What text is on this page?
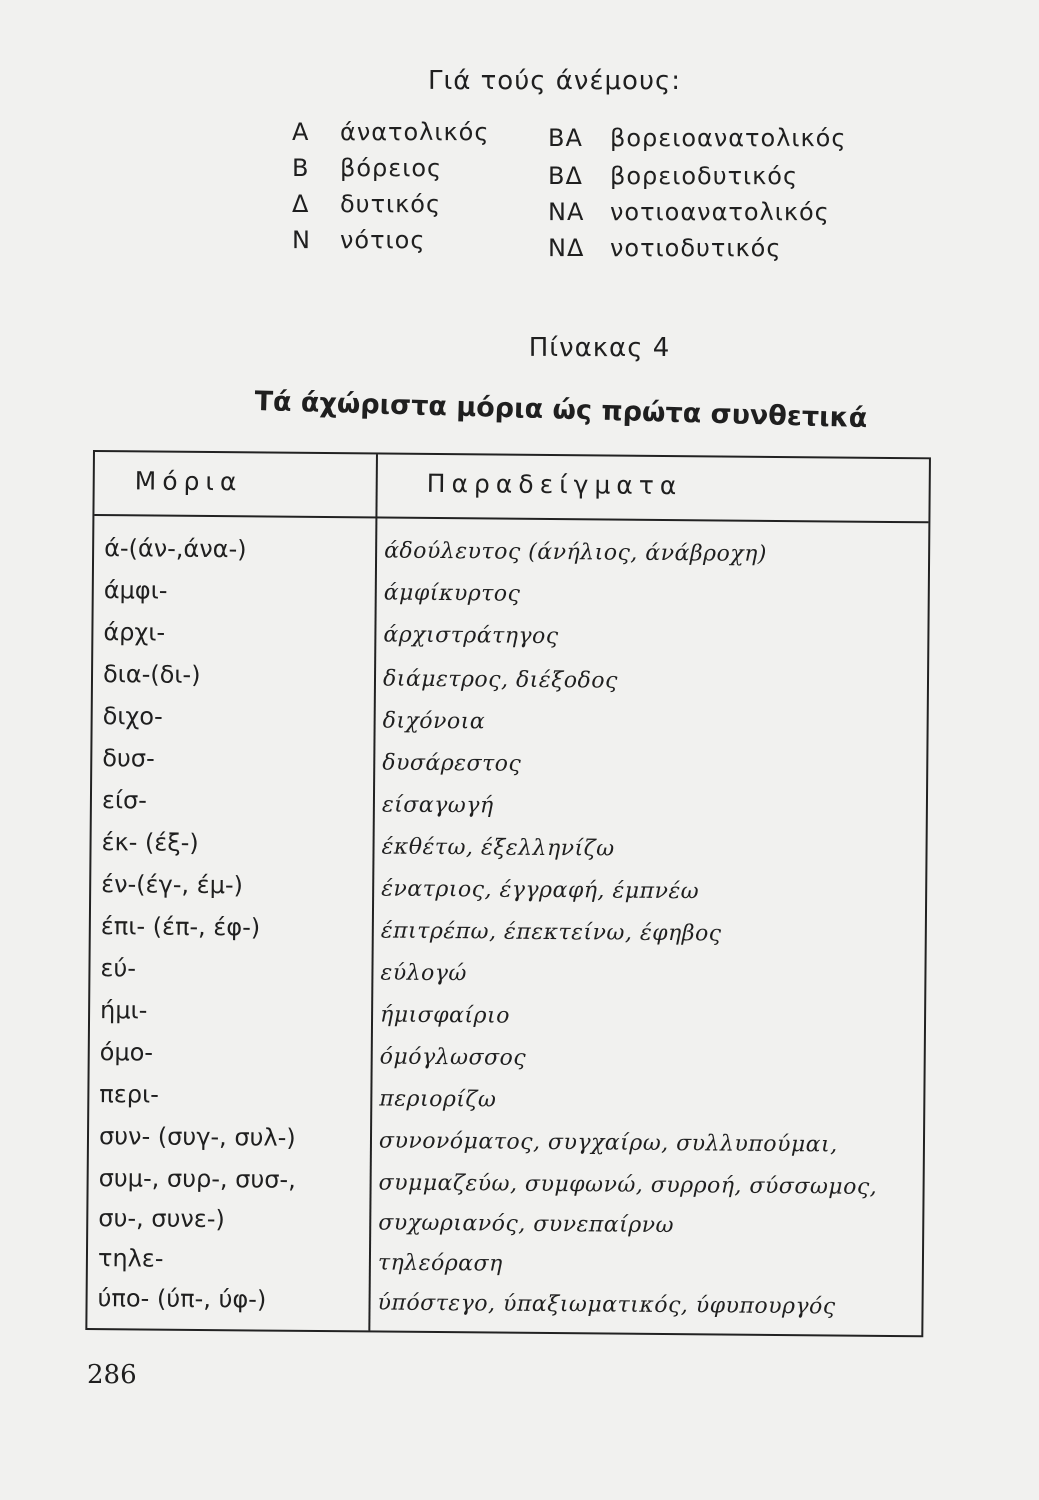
Γιά τούς άνέμους:
Α άνατολικός
Β βόρειος
Δ δυτικός
Ν νότιος
ΒΑ βορειοανατολικός
ΒΔ βορειοδυτικός
ΝΑ νοτιοανατολικός
ΝΔ νοτιοδυτικός
Πίνακας 4
Τά άχώριστα μόρια ώς πρώτα συνθετικά
Μόρια	Παραδείγματα
ά-(άν-,άνα-)	άδούλευτος (άνήλιος, άνάβροχη)
άμφι-	άμφίκυρτος
άρχι-	άρχιστράτηγος
δια-(δι-)	διάμετρος, διέξοδος
διχο-	διχόνοια
δυσ-	δυσάρεστος
είσ-	είσαγωγή
έκ- (έξ-)	έκθέτω, έξελληνίζω
έν-(έγ-, έμ-)	ένατριος, έγγραφή, έμπνέω
έπι- (έπ-, έφ-)	έπιτρέπω, έπεκτείνω, έφηβος
εύ-	εύλογώ
ήμι-	ήμισφαίριο
όμο-	όμόγλωσσος
περι-	περιορίζω
συν- (συγ-, συλ-)	συνονόματος, συγχαίρω, συλλυπούμαι,
συμ-, συρ-, συσ-,	συμμαζεύω, συμφωνώ, συρροή, σύσσωμος,
συ-, συνε-)	συχωριανός, συνεπαίρνω
τηλε-	τηλεόραση
ύπο- (ύπ-, ύφ-)	ύπόστεγο, ύπαξιωματικός, ύφυπουργός
286
